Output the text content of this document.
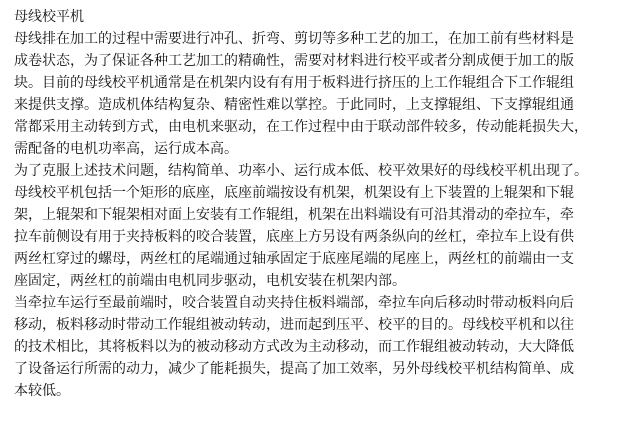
母线校平机
母线排在加工的过程中需要进行冲孔、折弯、剪切等多种工艺的加工，在加工前有些材料是
成卷状态，为了保证各种工艺加工的精确性，需要对材料进行校平或者分割成便于加工的版
块。目前的母线校平机通常是在机架内设有有用于板料进行挤压的上工作辊组合下工作辊组
来提供支撑。造成机体结构复杂、精密性难以掌控。于此同时，上支撑辊组、下支撑辊组通
常都采用主动转到方式，由电机来驱动，在工作过程中由于联动部件较多，传动能耗损失大，
需配备的电机功率高，运行成本高。
为了克服上述技术问题，结构简单、功率小、运行成本低、校平效果好的母线校平机出现了。
母线校平机包括一个矩形的底座，底座前端按设有机架，机架设有上下装置的上辊架和下辊
架，上辊架和下辊架相对面上安装有工作辊组，机架在出料端设有可沿其滑动的牵拉车，牵
拉车前侧设有用于夹持板料的咬合装置，底座上方另设有两条纵向的丝杠，牵拉车上设有供
两丝杠穿过的螺母，两丝杠的尾端通过轴承固定于底座尾端的尾座上，两丝杠的前端由一支
座固定，两丝杠的前端由电机同步驱动，电机安装在机架内部。
当牵拉车运行至最前端时，咬合装置自动夹持住板料端部，牵拉车向后移动时带动板料向后
移动，板料移动时带动工作辊组被动转动，进而起到压平、校平的目的。母线校平机和以往
的技术相比，其将板料以为的被动移动方式改为主动移动，而工作辊组被动转动，大大降低
了设备运行所需的动力，减少了能耗损失，提高了加工效率，另外母线校平机结构简单、成
本较低。
